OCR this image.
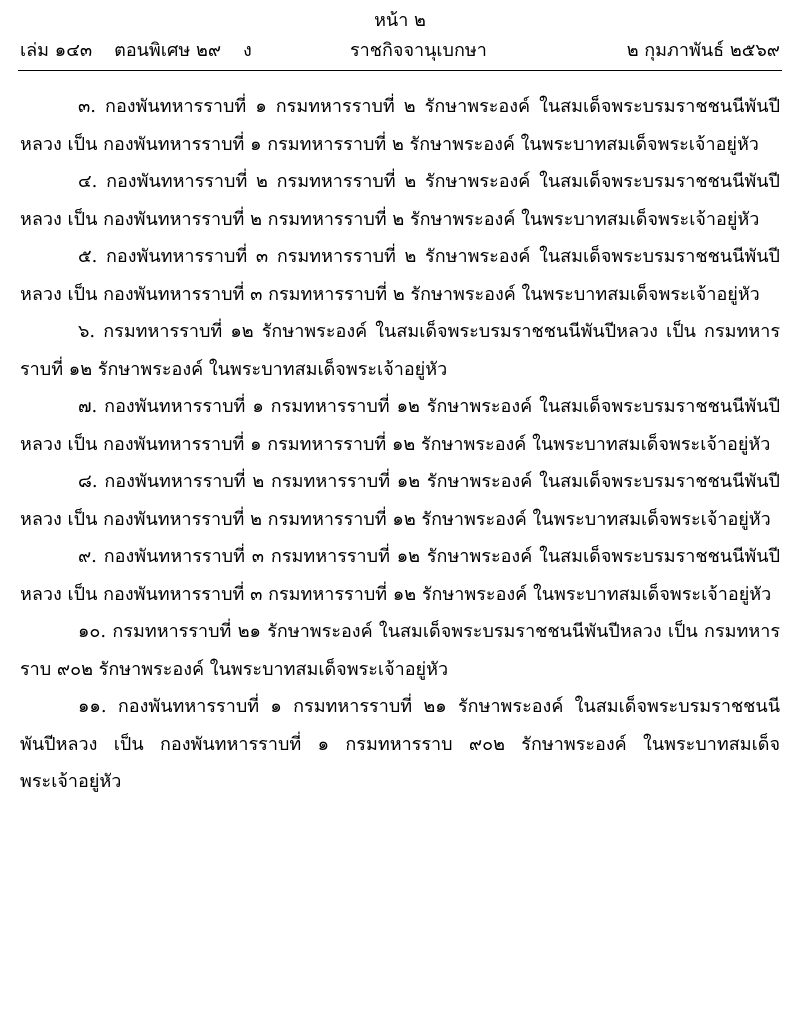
หน้า ๒
เล่ม ๑๔๓ ตอนพิเศษ ๒๙ ง	ราชกิจจานุเบกษา	๒ กุมภาพันธ์ ๒๕๖๙

๓. กองพันทหารราบที่ ๑ กรมทหารราบที่ ๒ รักษาพระองค์ ในสมเด็จพระบรมราชชนนีพันปีหลวง เป็น กองพันทหารราบที่ ๑ กรมทหารราบที่ ๒ รักษาพระองค์ ในพระบาทสมเด็จพระเจ้าอยู่หัว

๔. กองพันทหารราบที่ ๒ กรมทหารราบที่ ๒ รักษาพระองค์ ในสมเด็จพระบรมราชชนนีพันปีหลวง เป็น กองพันทหารราบที่ ๒ กรมทหารราบที่ ๒ รักษาพระองค์ ในพระบาทสมเด็จพระเจ้าอยู่หัว

๕. กองพันทหารราบที่ ๓ กรมทหารราบที่ ๒ รักษาพระองค์ ในสมเด็จพระบรมราชชนนีพันปีหลวง เป็น กองพันทหารราบที่ ๓ กรมทหารราบที่ ๒ รักษาพระองค์ ในพระบาทสมเด็จพระเจ้าอยู่หัว

๖. กรมทหารราบที่ ๑๒ รักษาพระองค์ ในสมเด็จพระบรมราชชนนีพันปีหลวง เป็น กรมทหารราบที่ ๑๒ รักษาพระองค์ ในพระบาทสมเด็จพระเจ้าอยู่หัว

๗. กองพันทหารราบที่ ๑ กรมทหารราบที่ ๑๒ รักษาพระองค์ ในสมเด็จพระบรมราชชนนีพันปีหลวง เป็น กองพันทหารราบที่ ๑ กรมทหารราบที่ ๑๒ รักษาพระองค์ ในพระบาทสมเด็จพระเจ้าอยู่หัว

๘. กองพันทหารราบที่ ๒ กรมทหารราบที่ ๑๒ รักษาพระองค์ ในสมเด็จพระบรมราชชนนีพันปีหลวง เป็น กองพันทหารราบที่ ๒ กรมทหารราบที่ ๑๒ รักษาพระองค์ ในพระบาทสมเด็จพระเจ้าอยู่หัว

๙. กองพันทหารราบที่ ๓ กรมทหารราบที่ ๑๒ รักษาพระองค์ ในสมเด็จพระบรมราชชนนีพันปีหลวง เป็น กองพันทหารราบที่ ๓ กรมทหารราบที่ ๑๒ รักษาพระองค์ ในพระบาทสมเด็จพระเจ้าอยู่หัว

๑๐. กรมทหารราบที่ ๒๑ รักษาพระองค์ ในสมเด็จพระบรมราชชนนีพันปีหลวง เป็น กรมทหารราบ ๙๐๒ รักษาพระองค์ ในพระบาทสมเด็จพระเจ้าอยู่หัว

๑๑. กองพันทหารราบที่ ๑ กรมทหารราบที่ ๒๑ รักษาพระองค์ ในสมเด็จพระบรมราชชนนีพันปีหลวง เป็น กองพันทหารราบที่ ๑ กรมทหารราบ ๙๐๒ รักษาพระองค์ ในพระบาทสมเด็จพระเจ้าอยู่หัว
